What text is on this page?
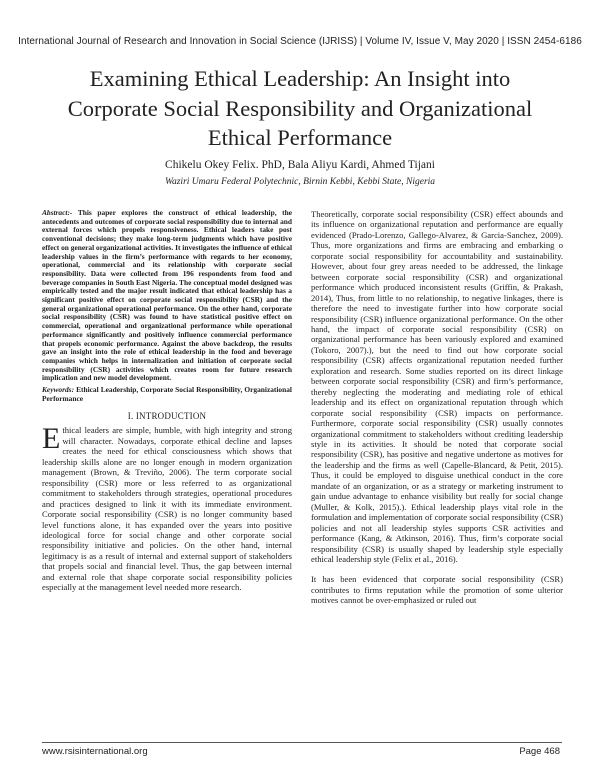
International Journal of Research and Innovation in Social Science (IJRISS) | Volume IV, Issue V, May 2020 | ISSN 2454-6186
Examining Ethical Leadership: An Insight into
Corporate Social Responsibility and Organizational
Ethical Performance
Chikelu Okey Felix. PhD, Bala Aliyu Kardi, Ahmed Tijani
Waziri Umaru Federal Polytechnic, Birnin Kebbi, Kebbi State, Nigeria

Abstract:- This paper explores the construct of ethical leadership, the antecedents and outcomes of corporate social responsibility due to internal and external forces which propels responsiveness. Ethical leaders take post conventional decisions; they make long-term judgments which have positive effect on general organizational activities. It investigates the influence of ethical leadership values in the firm’s performance with regards to her economy, operational, commercial and its relationship with corporate social responsibility. Data were collected from 196 respondents from food and beverage companies in South East Nigeria. The conceptual model designed was empirically tested and the major result indicated that ethical leadership has a significant positive effect on corporate social responsibility (CSR) and the general organizational operational performance. On the other hand, corporate social responsibility (CSR) was found to have statistical positive effect on commercial, operational and organizational performance while operational performance significantly and positively influence commercial performance that propels economic performance. Against the above backdrop, the results gave an insight into the role of ethical leadership in the food and beverage companies which helps in internalization and initiation of corporate social responsibility (CSR) activities which creates room for future research implication and new model development.

Keywords: Ethical Leadership, Corporate Social Responsibility, Organizational Performance

I. INTRODUCTION

Ethical leaders are simple, humble, with high integrity and strong will character. Nowadays, corporate ethical decline and lapses creates the need for ethical consciousness which shows that leadership skills alone are no longer enough in modern organization management (Brown, & Treviño, 2006). The term corporate social responsibility (CSR) more or less referred to as organizational commitment to stakeholders through strategies, operational procedures and practices designed to link it with its immediate environment. Corporate social responsibility (CSR) is no longer community based level functions alone, it has expanded over the years into positive ideological force for social change and other corporate social responsibility initiative and policies. On the other hand, internal legitimacy is as a result of internal and external support of stakeholders that propels social and financial level. Thus, the gap between internal and external role that shape corporate social responsibility policies especially at the management level needed more research.

Theoretically, corporate social responsibility (CSR) effect abounds and its influence on organizational reputation and performance are equally evidenced (Prado-Lorenzo, Gallego-Alvarez, & Garcia-Sanchez, 2009). Thus, more organizations and firms are embracing and embarking o corporate social responsibility for accountability and sustainability. However, about four grey areas needed to be addressed, the linkage between corporate social responsibility (CSR) and organizational performance which produced inconsistent results (Griffin, & Prakash, 2014), Thus, from little to no relationship, to negative linkages, there is therefore the need to investigate further into how corporate social responsibility (CSR) influence organizational performance. On the other hand, the impact of corporate social responsibility (CSR) on organizational performance has been variously explored and examined (Tokoro, 2007).), but the need to find out how corporate social responsibility (CSR) affects organizational reputation needed further exploration and research. Some studies reported on its direct linkage between corporate social responsibility (CSR) and firm’s performance, thereby neglecting the moderating and mediating role of ethical leadership and its effect on organizational reputation through which corporate social responsibility (CSR) impacts on performance. Furthermore, corporate social responsibility (CSR) usually connotes organizational commitment to stakeholders without crediting leadership style in its activities. It should be noted that corporate social responsibility (CSR), has positive and negative undertone as motives for the leadership and the firms as well (Capelle-Blancard, & Petit, 2015). Thus, it could be employed to disguise unethical conduct in the core mandate of an organization, or as a strategy or marketing instrument to gain undue advantage to enhance visibility but really for social change (Muller, & Kolk, 2015).). Ethical leadership plays vital role in the formulation and implementation of corporate social responsibility (CSR) policies and not all leadership styles supports CSR activities and performance (Kang, & Atkinson, 2016). Thus, firm’s corporate social responsibility (CSR) is usually shaped by leadership style especially ethical leadership style (Felix et al., 2016).

It has been evidenced that corporate social responsibility (CSR) contributes to firms reputation while the promotion of some ulterior motives cannot be over-emphasized or ruled out

www.rsisinternational.org	Page 468
